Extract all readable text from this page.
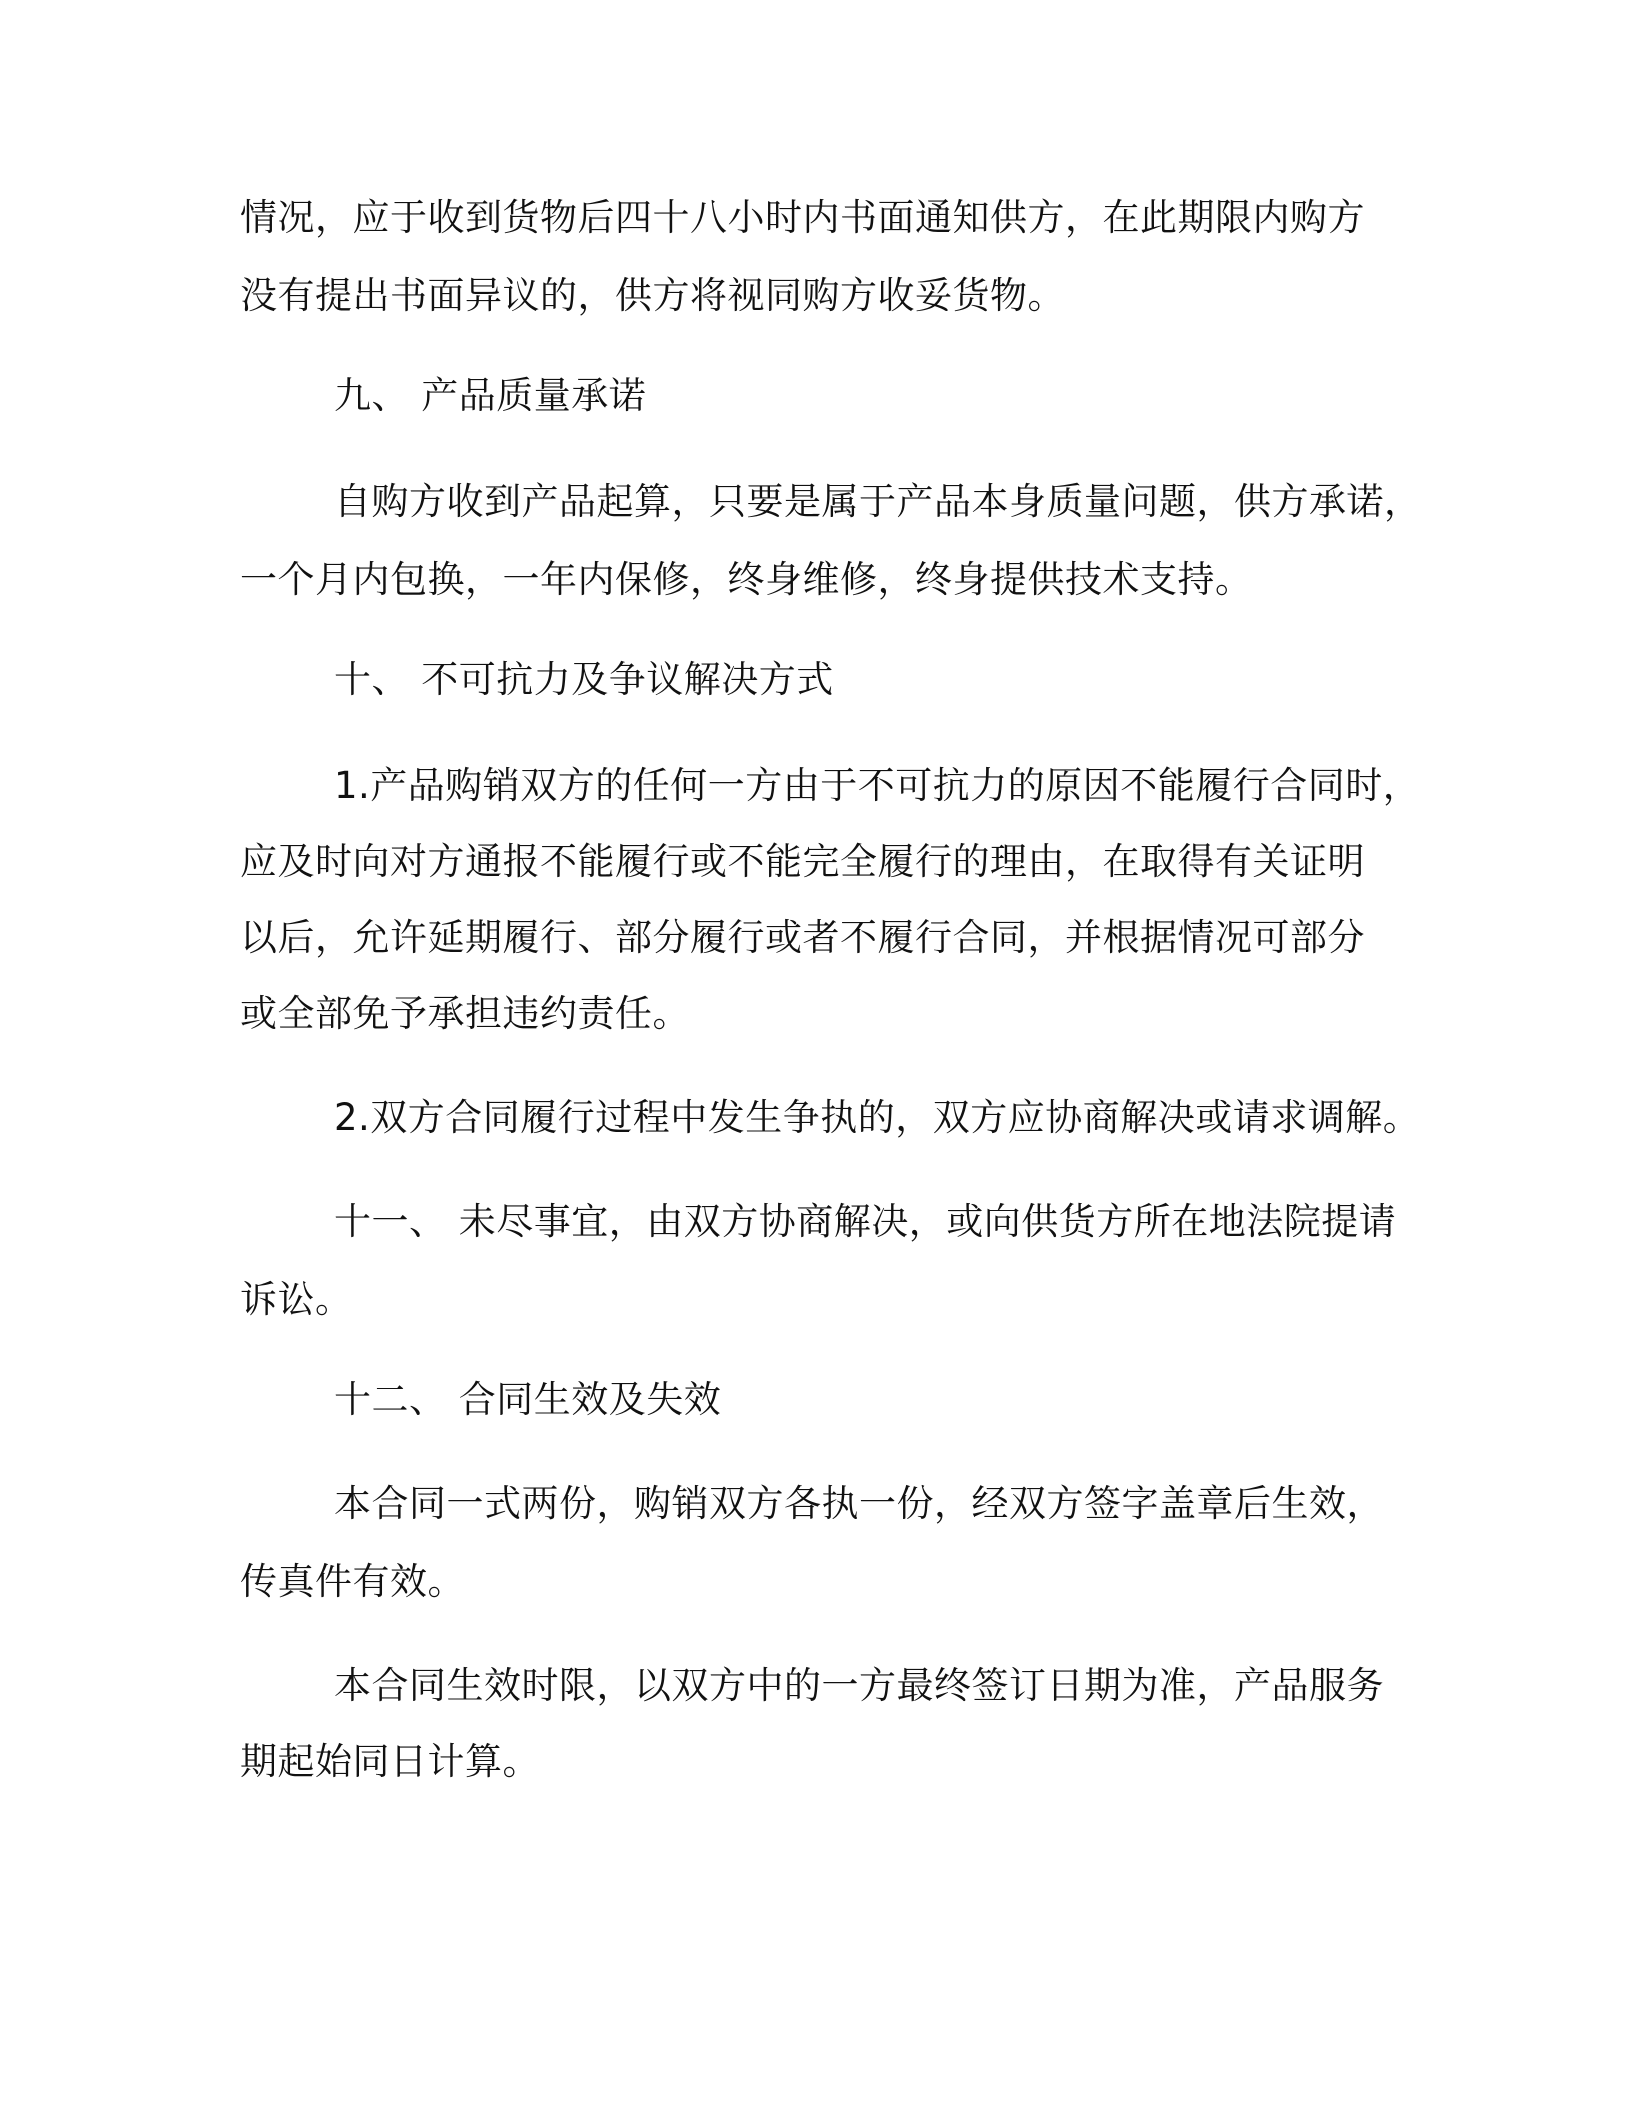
情况，应于收到货物后四十八小时内书面通知供方，在此期限内购方
没有提出书面异议的，供方将视同购方收妥货物。
九、 产品质量承诺
自购方收到产品起算，只要是属于产品本身质量问题，供方承诺，
一个月内包换，一年内保修，终身维修，终身提供技术支持。
十、 不可抗力及争议解决方式
1.产品购销双方的任何一方由于不可抗力的原因不能履行合同时，
应及时向对方通报不能履行或不能完全履行的理由，在取得有关证明
以后，允许延期履行、部分履行或者不履行合同，并根据情况可部分
或全部免予承担违约责任。
2.双方合同履行过程中发生争执的，双方应协商解决或请求调解。
十一、 未尽事宜，由双方协商解决，或向供货方所在地法院提请
诉讼。
十二、 合同生效及失效
本合同一式两份，购销双方各执一份，经双方签字盖章后生效，
传真件有效。
本合同生效时限，以双方中的一方最终签订日期为准，产品服务
期起始同日计算。
